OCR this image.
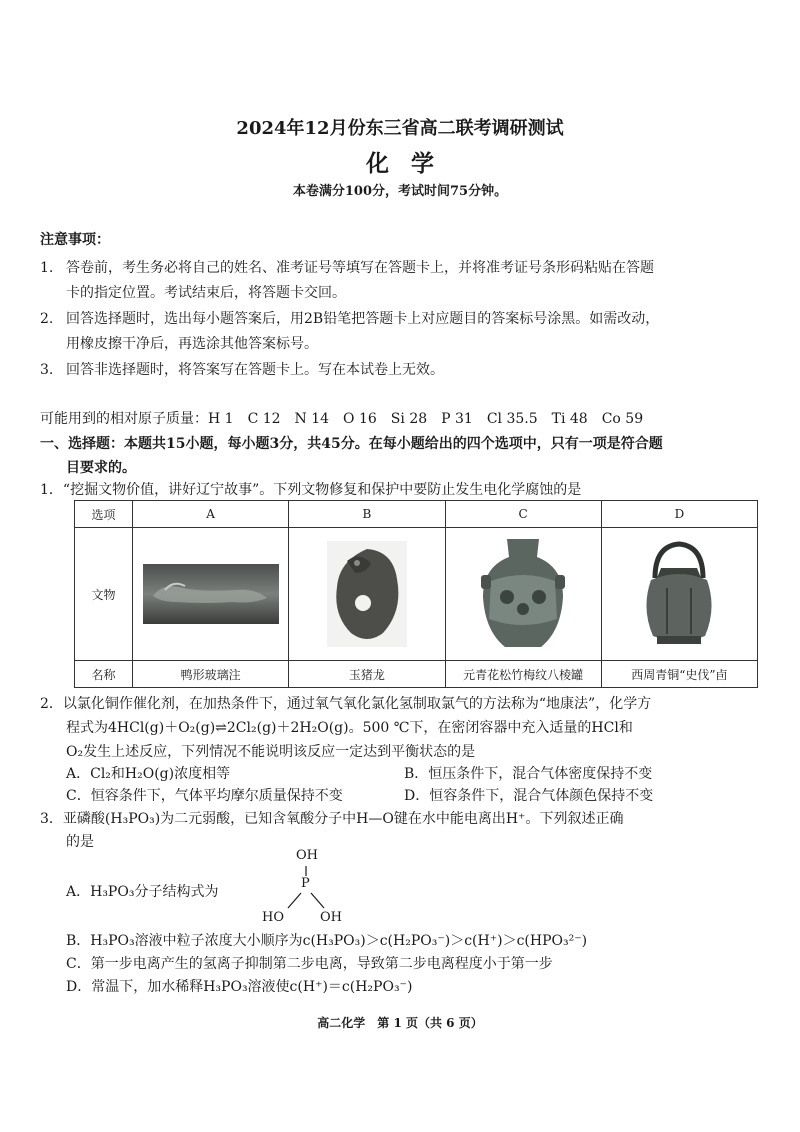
2024年12月份东三省高二联考调研测试
化学
本卷满分100分，考试时间75分钟。
注意事项：
1. 答卷前，考生务必将自己的姓名、准考证号等填写在答题卡上，并将准考证号条形码粘贴在答题
卡的指定位置。考试结束后，将答题卡交回。
2. 回答选择题时，选出每小题答案后，用2B铅笔把答题卡上对应题目的答案标号涂黑。如需改动，
用橡皮擦干净后，再选涂其他答案标号。
3. 回答非选择题时，将答案写在答题卡上。写在本试卷上无效。
可能用到的相对原子质量：H 1　C 12　N 14　O 16　Si 28　P 31　Cl 35.5　Ti 48　Co 59
一、选择题：本题共15小题，每小题3分，共45分。在每小题给出的四个选项中，只有一项是符合题
目要求的。
1．“挖掘文物价值，讲好辽宁故事”。下列文物修复和保护中要防止发生电化学腐蚀的是
选项	A	B	C	D
文物				
名称	鸭形玻璃注	玉猪龙	元青花松竹梅纹八棱罐	西周青铜“史伐”卣
2．以氯化铜作催化剂，在加热条件下，通过氧气氧化氯化氢制取氯气的方法称为“地康法”，化学方
程式为4HCl(g)＋O₂(g)⇌2Cl₂(g)＋2H₂O(g)。500 ℃下，在密闭容器中充入适量的HCl和
O₂发生上述反应，下列情况不能说明该反应一定达到平衡状态的是
A．Cl₂和H₂O(g)浓度相等	B．恒压条件下，混合气体密度保持不变
C．恒容条件下，气体平均摩尔质量保持不变	D．恒容条件下，混合气体颜色保持不变
3．亚磷酸(H₃PO₃)为二元弱酸，已知含氧酸分子中H—O键在水中能电离出H⁺。下列叙述正确
的是
A．H₃PO₃分子结构式为
OH
P
HO	OH
B．H₃PO₃溶液中粒子浓度大小顺序为c(H₃PO₃)＞c(H₂PO₃⁻)＞c(H⁺)＞c(HPO₃²⁻)
C．第一步电离产生的氢离子抑制第二步电离，导致第二步电离程度小于第一步
D．常温下，加水稀释H₃PO₃溶液使c(H⁺)＝c(H₂PO₃⁻)
高二化学　第 1 页（共 6 页）
